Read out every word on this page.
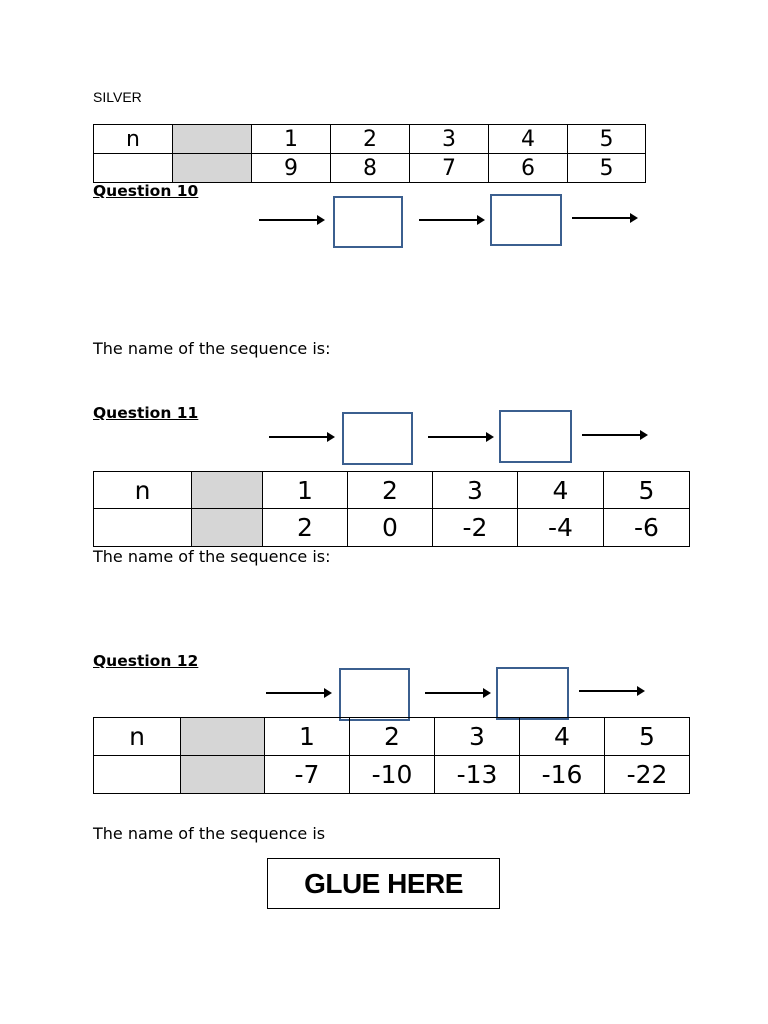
SILVER
n		1	2	3	4	5
		9	8	7	6	5
Question 10
The name of the sequence is:
Question 11
n		1	2	3	4	5
		2	0	-2	-4	-6
The name of the sequence is:
Question 12
n		1	2	3	4	5
		-7	-10	-13	-16	-22
The name of the sequence is
GLUE HERE
